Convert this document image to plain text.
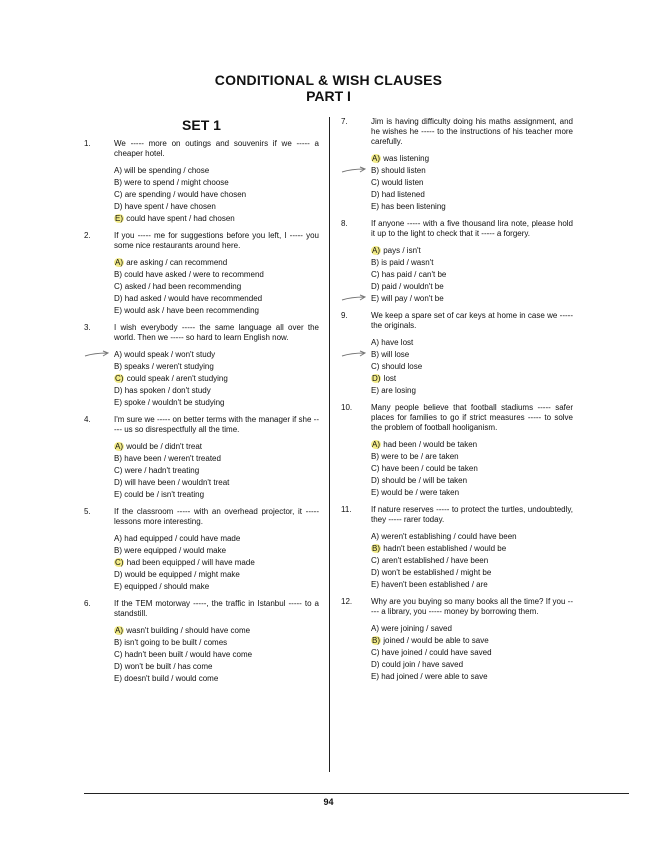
CONDITIONAL & WISH CLAUSES
PART I
SET 1
1.	We ----- more on outings and souvenirs if we ----- a cheaper hotel.
A) will be spending / chose
B) were to spend / might choose
C) are spending / would have chosen
D) have spent / have chosen
E) could have spent / had chosen
2.	If you ----- me for suggestions before you left, I ----- you some nice restaurants around here.
A) are asking / can recommend
B) could have asked / were to recommend
C) asked / had been recommending
D) had asked / would have recommended
E) would ask / have been recommending
3.	I wish everybody ----- the same language all over the world. Then we ----- so hard to learn English now.
A) would speak / won't study
B) speaks / weren't studying
C) could speak / aren't studying
D) has spoken / don't study
E) spoke / wouldn't be studying
4.	I'm sure we ----- on better terms with the manager if she ----- us so disrespectfully all the time.
A) would be / didn't treat
B) have been / weren't treated
C) were / hadn't treating
D) will have been / wouldn't treat
E) could be / isn't treating
5.	If the classroom ----- with an overhead projector, it ----- lessons more interesting.
A) had equipped / could have made
B) were equipped / would make
C) had been equipped / will have made
D) would be equipped / might make
E) equipped / should make
6.	If the TEM motorway -----, the traffic in Istanbul ----- to a standstill.
A) wasn't building / should have come
B) isn't going to be built / comes
C) hadn't been built / would have come
D) won't be built / has come
E) doesn't build / would come
7.	Jim is having difficulty doing his maths assignment, and he wishes he ----- to the instructions of his teacher more carefully.
A) was listening
B) should listen
C) would listen
D) had listened
E) has been listening
8.	If anyone ----- with a five thousand lira note, please hold it up to the light to check that it ----- a forgery.
A) pays / isn't
B) is paid / wasn't
C) has paid / can't be
D) paid / wouldn't be
E) will pay / won't be
9.	We keep a spare set of car keys at home in case we ----- the originals.
A) have lost
B) will lose
C) should lose
D) lost
E) are losing
10.	Many people believe that football stadiums ----- safer places for families to go if strict measures ----- to solve the problem of football hooliganism.
A) had been / would be taken
B) were to be / are taken
C) have been / could be taken
D) should be / will be taken
E) would be / were taken
11.	If nature reserves ----- to protect the turtles, undoubtedly, they ----- rarer today.
A) weren't establishing / could have been
B) hadn't been established / would be
C) aren't established / have been
D) won't be established / might be
E) haven't been established / are
12.	Why are you buying so many books all the time? If you ----- a library, you ----- money by borrowing them.
A) were joining / saved
B) joined / would be able to save
C) have joined / could have saved
D) could join / have saved
E) had joined / were able to save
94
